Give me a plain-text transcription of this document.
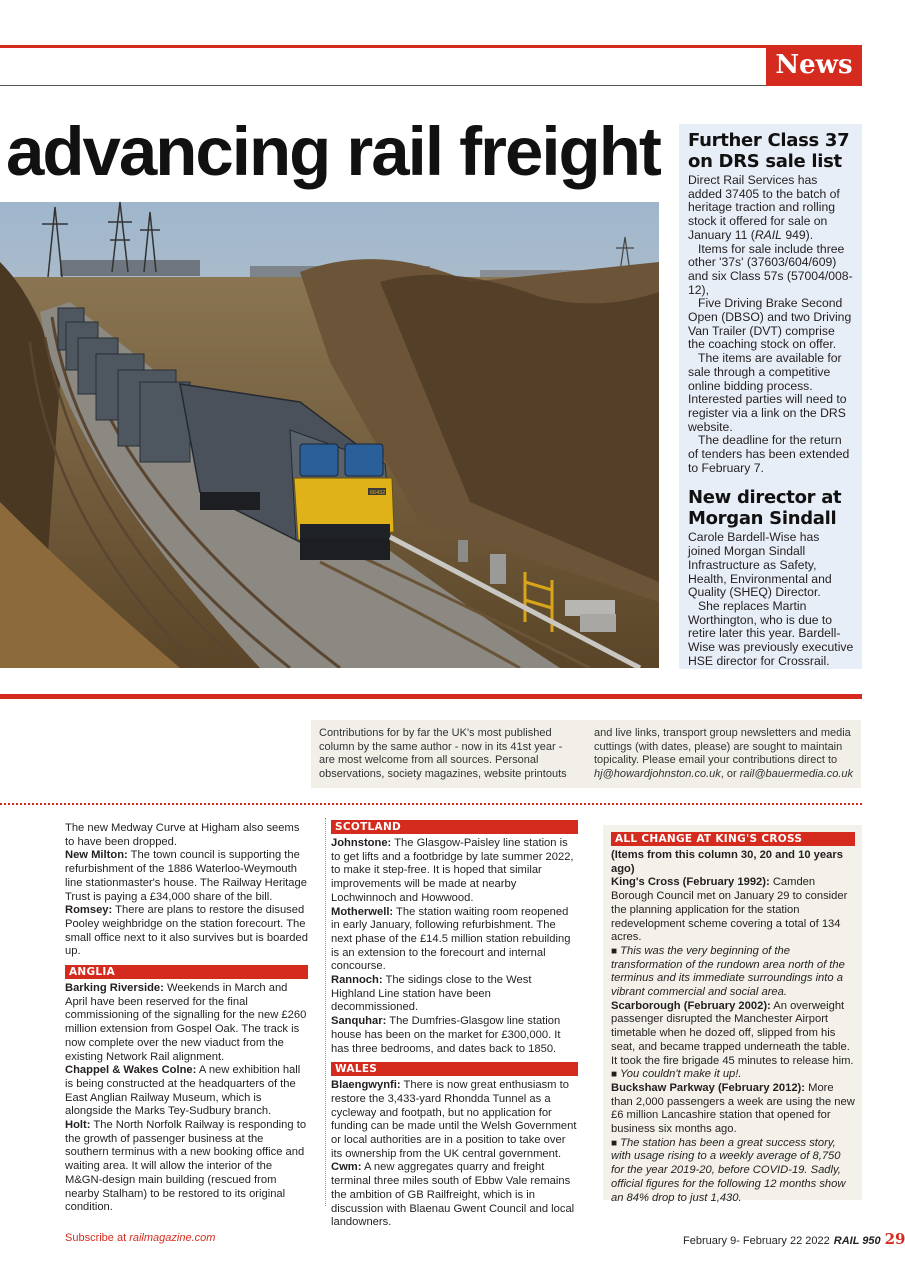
News
advancing rail freight
66432
Further Class 37 on DRS sale list

Direct Rail Services has added 37405 to the batch of heritage traction and rolling stock it offered for sale on January 11 (RAIL 949).

Items for sale include three other '37s' (37603/604/609) and six Class 57s (57004/008-12),

Five Driving Brake Second Open (DBSO) and two Driving Van Trailer (DVT) comprise the coaching stock on offer.

The items are available for sale through a competitive online bidding process. Interested parties will need to register via a link on the DRS website.

The deadline for the return of tenders has been extended to February 7.

New director at Morgan Sindall

Carole Bardell-Wise has joined Morgan Sindall Infrastructure as Safety, Health, Environmental and Quality (SHEQ) Director.

She replaces Martin Worthington, who is due to retire later this year. Bardell-Wise was previously executive HSE director for Crossrail.

Contributions for by far the UK's most published column by the same author - now in its 41st year - are most welcome from all sources. Personal observations, society magazines, website printouts
and live links, transport group newsletters and media cuttings (with dates, please) are sought to maintain topicality. Please email your contributions direct to hj@howardjohnston.co.uk, or rail@bauermedia.co.uk

The new Medway Curve at Higham also seems to have been dropped.

New Milton: The town council is supporting the refurbishment of the 1886 Waterloo-Weymouth line stationmaster's house. The Railway Heritage Trust is paying a £34,000 share of the bill.

Romsey: There are plans to restore the disused Pooley weighbridge on the station forecourt. The small office next to it also survives but is boarded up.

ANGLIA

Barking Riverside: Weekends in March and April have been reserved for the final commissioning of the signalling for the new £260 million extension from Gospel Oak. The track is now complete over the new viaduct from the existing Network Rail alignment.

Chappel & Wakes Colne: A new exhibition hall is being constructed at the headquarters of the East Anglian Railway Museum, which is alongside the Marks Tey-Sudbury branch.

Holt: The North Norfolk Railway is responding to the growth of passenger business at the southern terminus with a new booking office and waiting area. It will allow the interior of the M&GN-design main building (rescued from nearby Stalham) to be restored to its original condition.

SCOTLAND

Johnstone: The Glasgow-Paisley line station is to get lifts and a footbridge by late summer 2022, to make it step-free. It is hoped that similar improvements will be made at nearby Lochwinnoch and Howwood.

Motherwell: The station waiting room reopened in early January, following refurbishment. The next phase of the £14.5 million station rebuilding is an extension to the forecourt and internal concourse.

Rannoch: The sidings close to the West Highland Line station have been decommissioned.

Sanquhar: The Dumfries-Glasgow line station house has been on the market for £300,000. It has three bedrooms, and dates back to 1850.

WALES

Blaengwynfi: There is now great enthusiasm to restore the 3,433-yard Rhondda Tunnel as a cycleway and footpath, but no application for funding can be made until the Welsh Government or local authorities are in a position to take over its ownership from the UK central government.

Cwm: A new aggregates quarry and freight terminal three miles south of Ebbw Vale remains the ambition of GB Railfreight, which is in discussion with Blaenau Gwent Council and local landowners.

ALL CHANGE AT KING'S CROSS

(Items from this column 30, 20 and 10 years ago)

King's Cross (February 1992): Camden Borough Council met on January 29 to consider the planning application for the station redevelopment scheme covering a total of 134 acres.

■ This was the very beginning of the transformation of the rundown area north of the terminus and its immediate surroundings into a vibrant commercial and social area.

Scarborough (February 2002): An overweight passenger disrupted the Manchester Airport timetable when he dozed off, slipped from his seat, and became trapped underneath the table. It took the fire brigade 45 minutes to release him.

■ You couldn't make it up!.

Buckshaw Parkway (February 2012): More than 2,000 passengers a week are using the new £6 million Lancashire station that opened for business six months ago.

■ The station has been a great success story, with usage rising to a weekly average of 8,750 for the year 2019-20, before COVID-19. Sadly, official figures for the following 12 months show an 84% drop to just 1,430.

Subscribe at railmagazine.com	February 9- February 22 2022 RAIL 950 29
